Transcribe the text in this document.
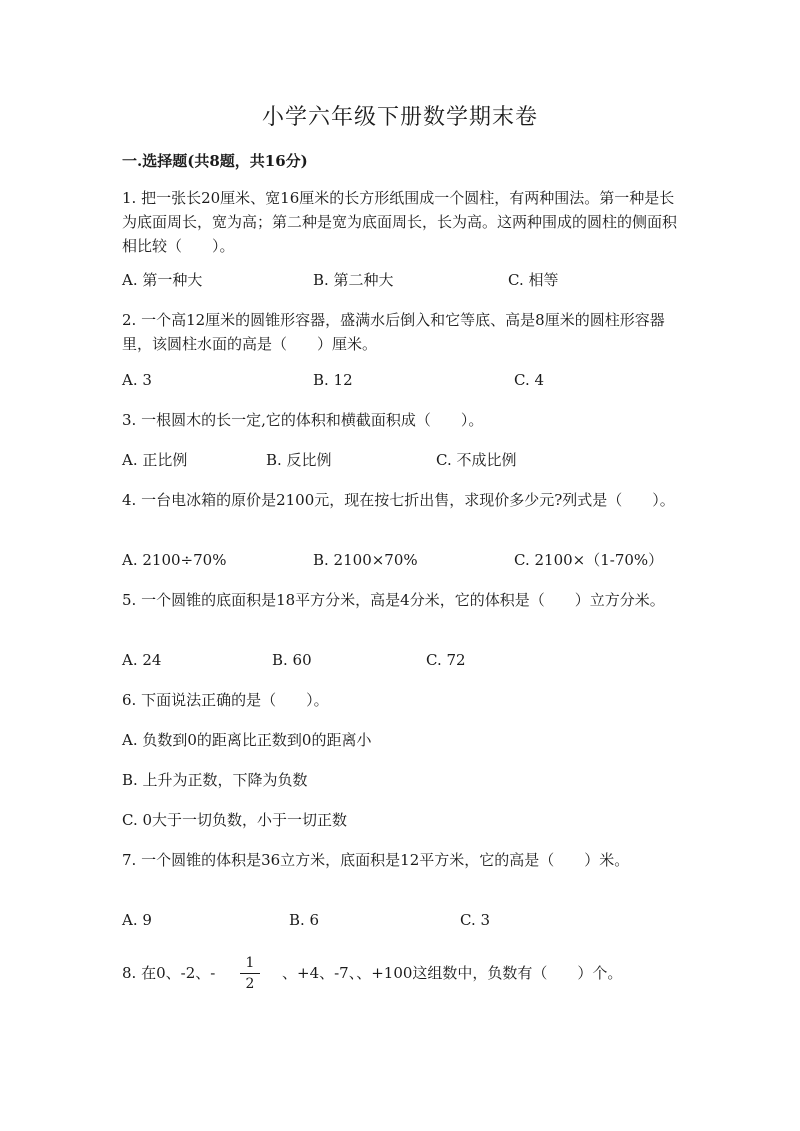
小学六年级下册数学期末卷
一.选择题(共8题，共16分)
1. 把一张长20厘米、宽16厘米的长方形纸围成一个圆柱，有两种围法。第一种是长为底面周长，宽为高；第二种是宽为底面周长，长为高。这两种围成的圆柱的侧面积相比较（　　）。
A. 第一种大	B. 第二种大	C. 相等
2. 一个高12厘米的圆锥形容器，盛满水后倒入和它等底、高是8厘米的圆柱形容器里，该圆柱水面的高是（　　）厘米。
A. 3	B. 12	C. 4
3. 一根圆木的长一定,它的体积和横截面积成（　　）。
A. 正比例	B. 反比例	C. 不成比例
4. 一台电冰箱的原价是2100元，现在按七折出售，求现价多少元?列式是（　　）。
A. 2100÷70%	B. 2100×70%	C. 2100×（1-70%）
5. 一个圆锥的底面积是18平方分米，高是4分米，它的体积是（　　）立方分米。
A. 24	B. 60	C. 72
6. 下面说法正确的是（　　）。
A. 负数到0的距离比正数到0的距离小
B. 上升为正数，下降为负数
C. 0大于一切负数，小于一切正数
7. 一个圆锥的体积是36立方米，底面积是12平方米，它的高是（　　）米。
A. 9	B. 6	C. 3
8. 在0、-2、-
1
2
、+4、-7、、+100这组数中，负数有（　　）个。
